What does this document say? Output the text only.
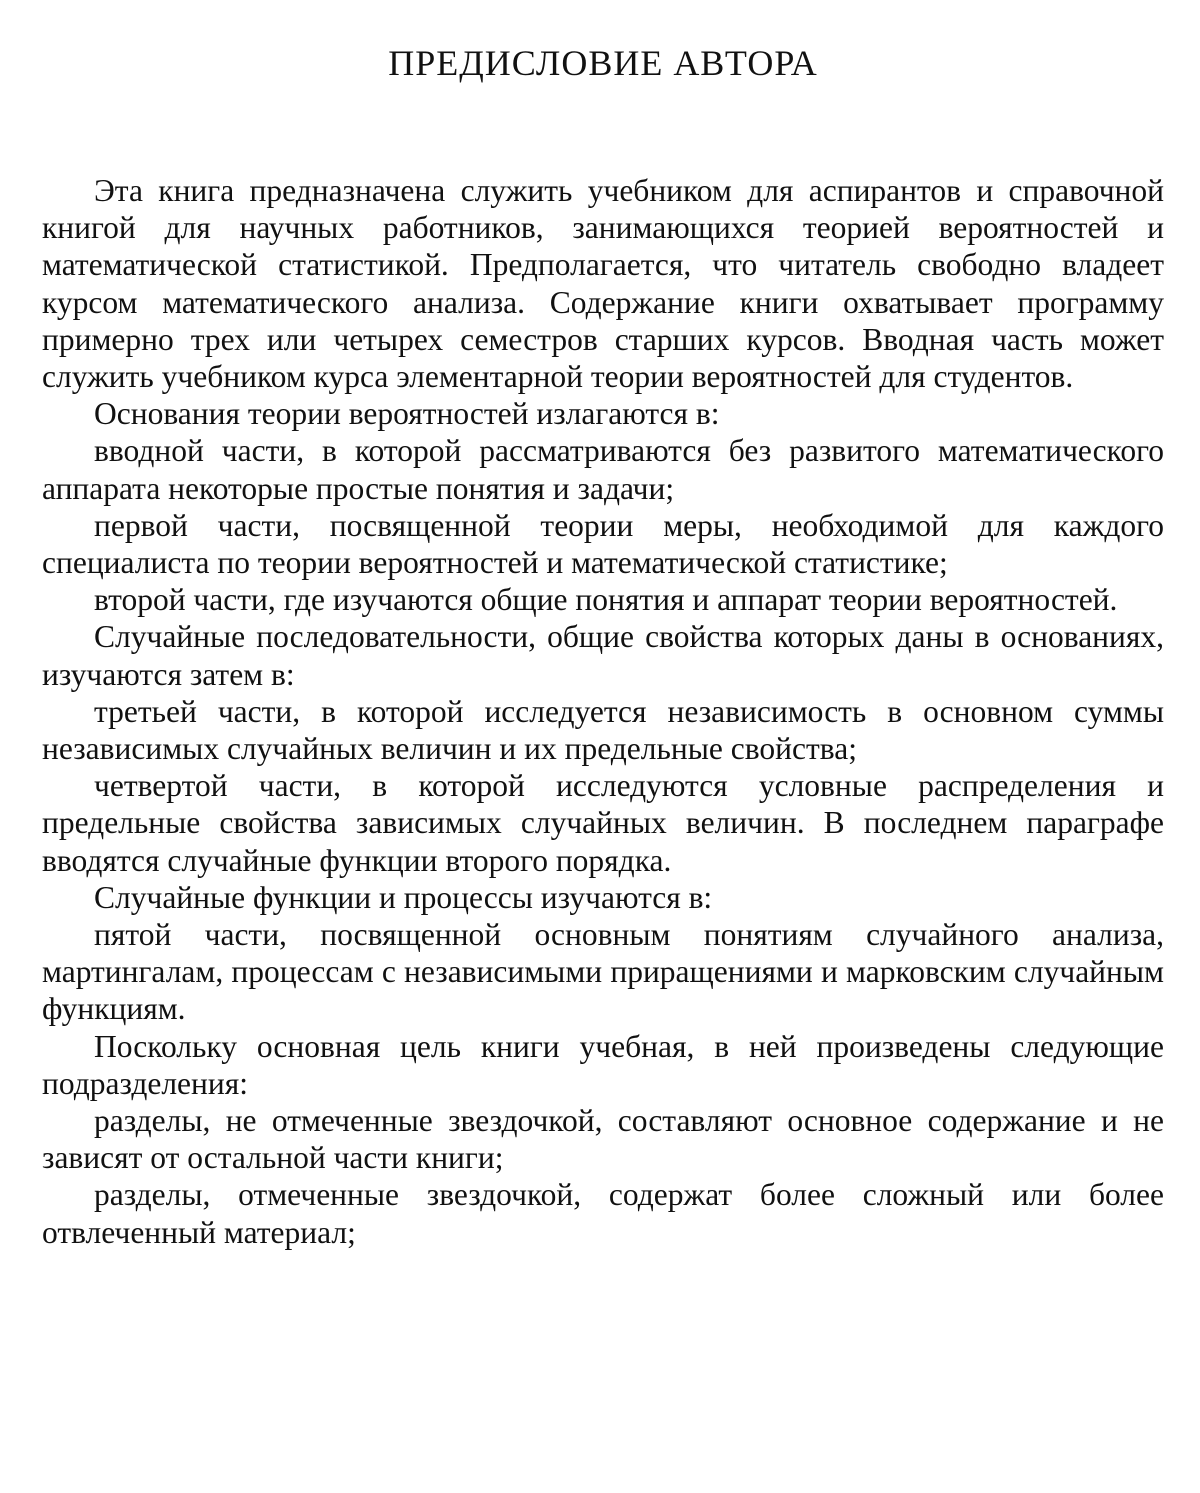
ПРЕДИСЛОВИЕ АВТОРА

Эта книга предназначена служить учебником для аспирантов и справочной книгой для научных работников, занимающихся теорией вероятностей и математической статистикой. Предполагается, что читатель свободно владеет курсом математического анализа. Содержание книги охватывает программу примерно трех или четырех семестров старших курсов. Вводная часть может служить учебником курса элементарной теории вероятностей для студентов.

Основания теории вероятностей излагаются в:

вводной части, в которой рассматриваются без развитого математического аппарата некоторые простые понятия и задачи;

первой части, посвященной теории меры, необходимой для каждого специалиста по теории вероятностей и математической статистике;

второй части, где изучаются общие понятия и аппарат теории вероятностей.

Случайные последовательности, общие свойства которых даны в основаниях, изучаются затем в:

третьей части, в которой исследуется независимость в основном суммы независимых случайных величин и их предельные свойства;

четвертой части, в которой исследуются условные распределения и предельные свойства зависимых случайных величин. В последнем параграфе вводятся случайные функции второго порядка.

Случайные функции и процессы изучаются в:

пятой части, посвященной основным понятиям случайного анализа, мартингалам, процессам с независимыми приращениями и марковским случайным функциям.

Поскольку основная цель книги учебная, в ней произведены следующие подразделения:

разделы, не отмеченные звездочкой, составляют основное содержание и не зависят от остальной части книги;

разделы, отмеченные звездочкой, содержат более сложный или более отвлеченный материал;
